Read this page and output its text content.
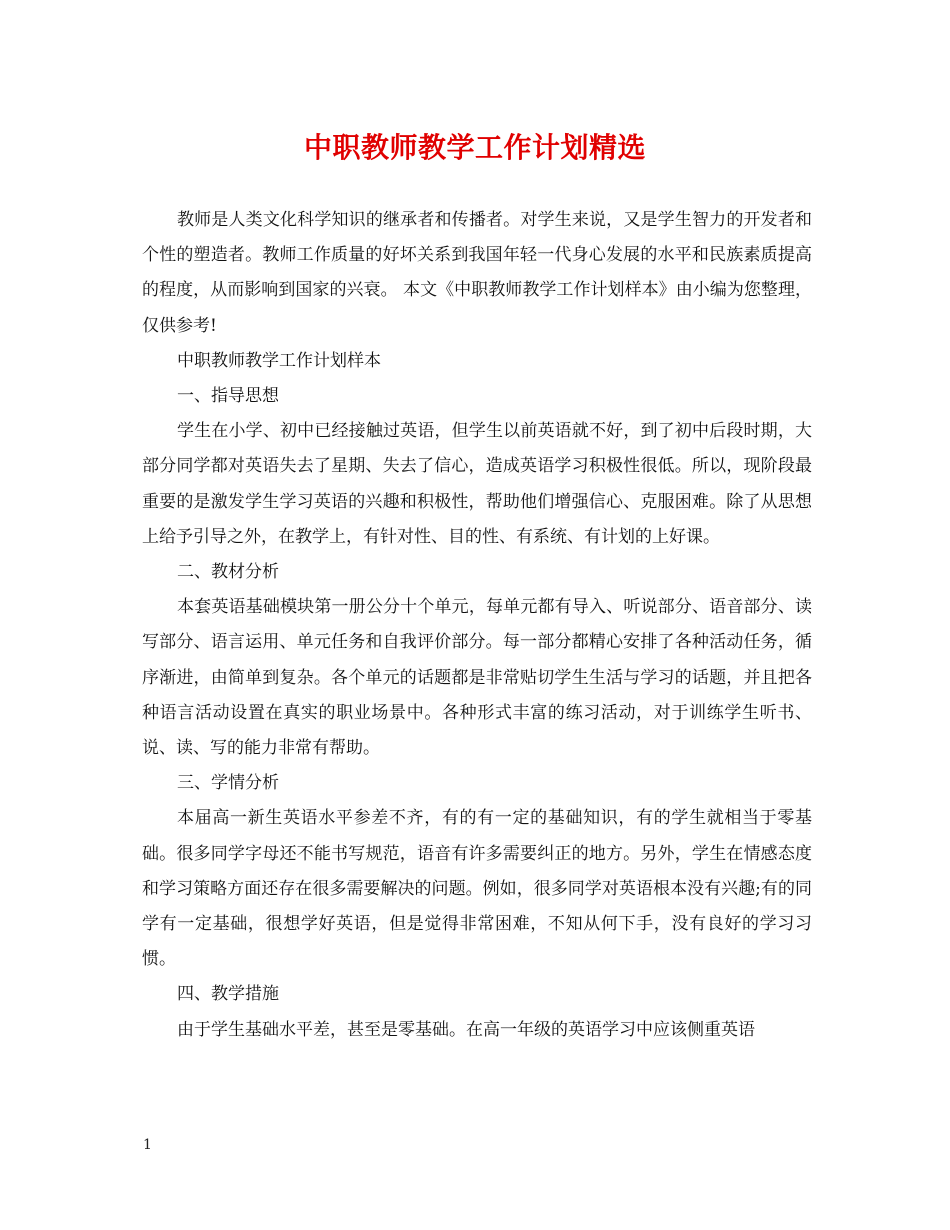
中职教师教学工作计划精选

教师是人类文化科学知识的继承者和传播者。对学生来说，又是学生智力的开发者和个性的塑造者。教师工作质量的好坏关系到我国年轻一代身心发展的水平和民族素质提高的程度，从而影响到国家的兴衰。 本文《中职教师教学工作计划样本》由小编为您整理，仅供参考!

中职教师教学工作计划样本

一、指导思想

学生在小学、初中已经接触过英语，但学生以前英语就不好，到了初中后段时期，大部分同学都对英语失去了星期、失去了信心，造成英语学习积极性很低。所以，现阶段最重要的是激发学生学习英语的兴趣和积极性，帮助他们增强信心、克服困难。除了从思想上给予引导之外，在教学上，有针对性、目的性、有系统、有计划的上好课。

二、教材分析

本套英语基础模块第一册公分十个单元，每单元都有导入、听说部分、语音部分、读写部分、语言运用、单元任务和自我评价部分。每一部分都精心安排了各种活动任务，循序渐进，由简单到复杂。各个单元的话题都是非常贴切学生生活与学习的话题，并且把各种语言活动设置在真实的职业场景中。各种形式丰富的练习活动，对于训练学生听书、说、读、写的能力非常有帮助。

三、学情分析

本届高一新生英语水平参差不齐，有的有一定的基础知识，有的学生就相当于零基础。很多同学字母还不能书写规范，语音有许多需要纠正的地方。另外，学生在情感态度和学习策略方面还存在很多需要解决的问题。例如，很多同学对英语根本没有兴趣;有的同学有一定基础，很想学好英语，但是觉得非常困难，不知从何下手，没有良好的学习习惯。

四、教学措施

由于学生基础水平差，甚至是零基础。在高一年级的英语学习中应该侧重英语

1
